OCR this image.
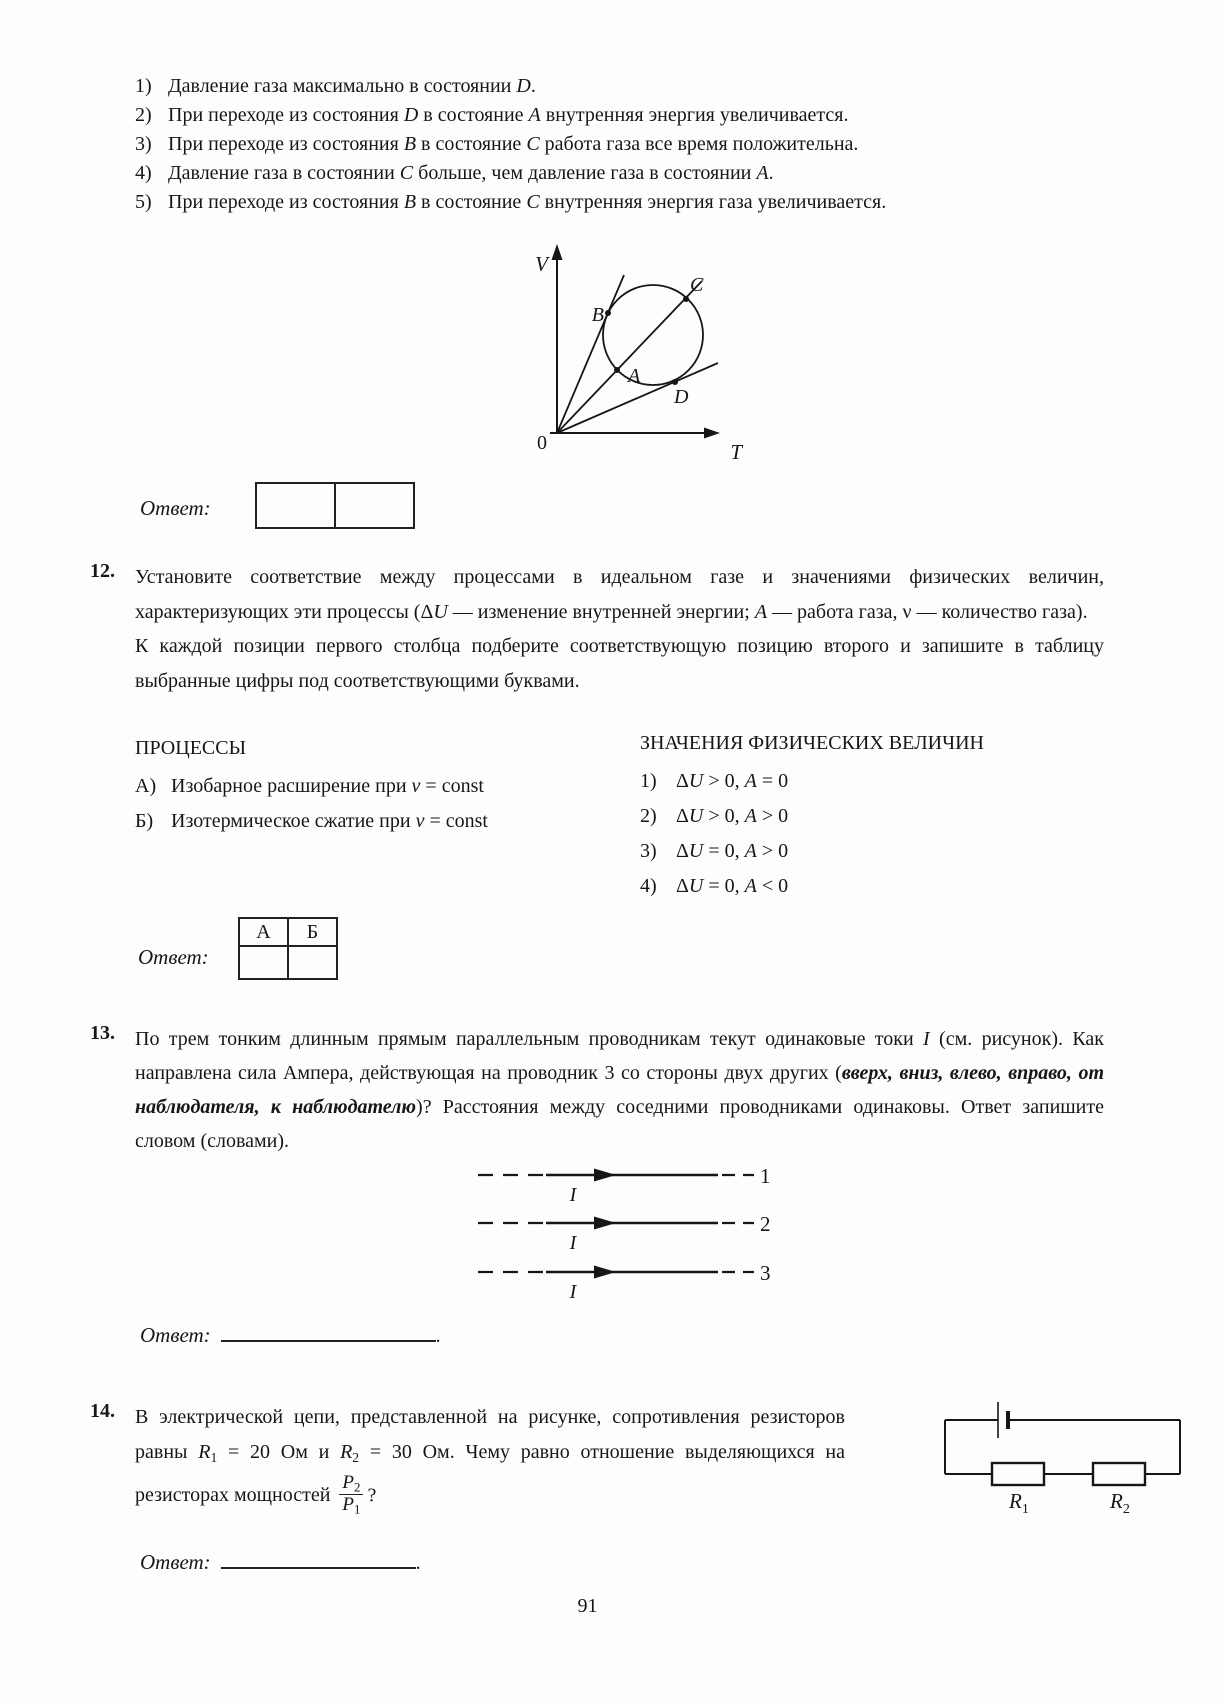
1) Давление газа максимально в состоянии D.
2) При переходе из состояния D в состояние A внутренняя энергия увеличивается.
3) При переходе из состояния B в состояние C работа газа все время положительна.
4) Давление газа в состоянии C больше, чем давление газа в состоянии A.
5) При переходе из состояния B в состояние C внутренняя энергия газа увеличивается.
V
T
0
A
B
C
D
Ответ:
12.	Установите соответствие между процессами в идеальном газе и значениями физических величин, характеризующих эти процессы (ΔU — изменение внутренней энергии; A — работа газа, ν — количество газа).
К каждой позиции первого столбца подберите соответствующую позицию второго и запишите в таблицу выбранные цифры под соответствующими буквами.
ПРОЦЕССЫ
А) Изобарное расширение при ν = const
Б) Изотермическое сжатие при ν = const
ЗНАЧЕНИЯ ФИЗИЧЕСКИХ ВЕЛИЧИН
1) ΔU > 0, A = 0
2) ΔU > 0, A > 0
3) ΔU = 0, A > 0
4) ΔU = 0, A < 0
Ответ:
А	Б

13.	По трем тонким длинным прямым параллельным проводникам текут одинаковые токи I (см. рисунок). Как направлена сила Ампера, действующая на проводник 3 со стороны двух других (вверх, вниз, влево, вправо, от наблюдателя, к наблюдателю)? Расстояния между соседними проводниками одинаковы. Ответ запишите словом (словами).
I
1
I
2
I
3
Ответ:	.
14.	В электрической цепи, представленной на рисунке, сопротивления резисторов равны R1 = 20 Ом и R2 = 30 Ом. Чему равно отношение выделяющихся на резисторах мощностей $\frac{P2}{P1}$ ?	$R_1$	$R_2$
Ответ:	.
91
